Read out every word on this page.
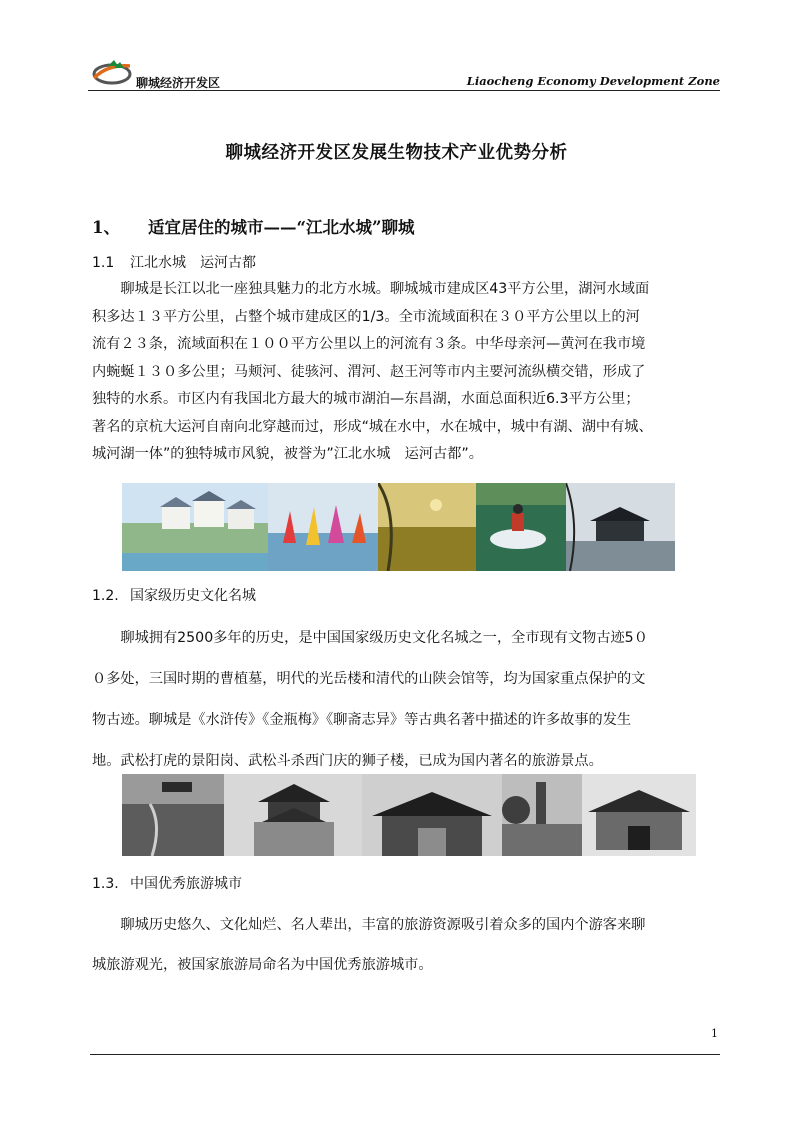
聊城经济开发区	Liaocheng Economy Development Zone
聊城经济开发区发展生物技术产业优势分析
1、 适宜居住的城市——“江北水城”聊城
1.1 江北水城　运河古都
　　聊城是长江以北一座独具魅力的北方水城。聊城城市建成区43平方公里，湖河水域面
积多达１３平方公里，占整个城市建成区的1/3。全市流域面积在３０平方公里以上的河
流有２３条，流域面积在１００平方公里以上的河流有３条。中华母亲河—黄河在我市境
内蜿蜒１３０多公里；马颊河、徒骇河、渭河、赵王河等市内主要河流纵横交错，形成了
独特的水系。市区内有我国北方最大的城市湖泊—东昌湖，水面总面积近6.3平方公里；
著名的京杭大运河自南向北穿越而过，形成“城在水中，水在城中，城中有湖、湖中有城、
城河湖一体”的独特城市风貌，被誉为”江北水城　运河古都”。
1.2. 国家级历史文化名城
　　聊城拥有2500多年的历史，是中国国家级历史文化名城之一，全市现有文物古迹5０
０多处，三国时期的曹植墓，明代的光岳楼和清代的山陕会馆等，均为国家重点保护的文
物古迹。聊城是《水浒传》《金瓶梅》《聊斋志异》等古典名著中描述的许多故事的发生
地。武松打虎的景阳岗、武松斗杀西门庆的狮子楼，已成为国内著名的旅游景点。
1.3. 中国优秀旅游城市
　　聊城历史悠久、文化灿烂、名人辈出，丰富的旅游资源吸引着众多的国内个游客来聊
城旅游观光，被国家旅游局命名为中国优秀旅游城市。
1
